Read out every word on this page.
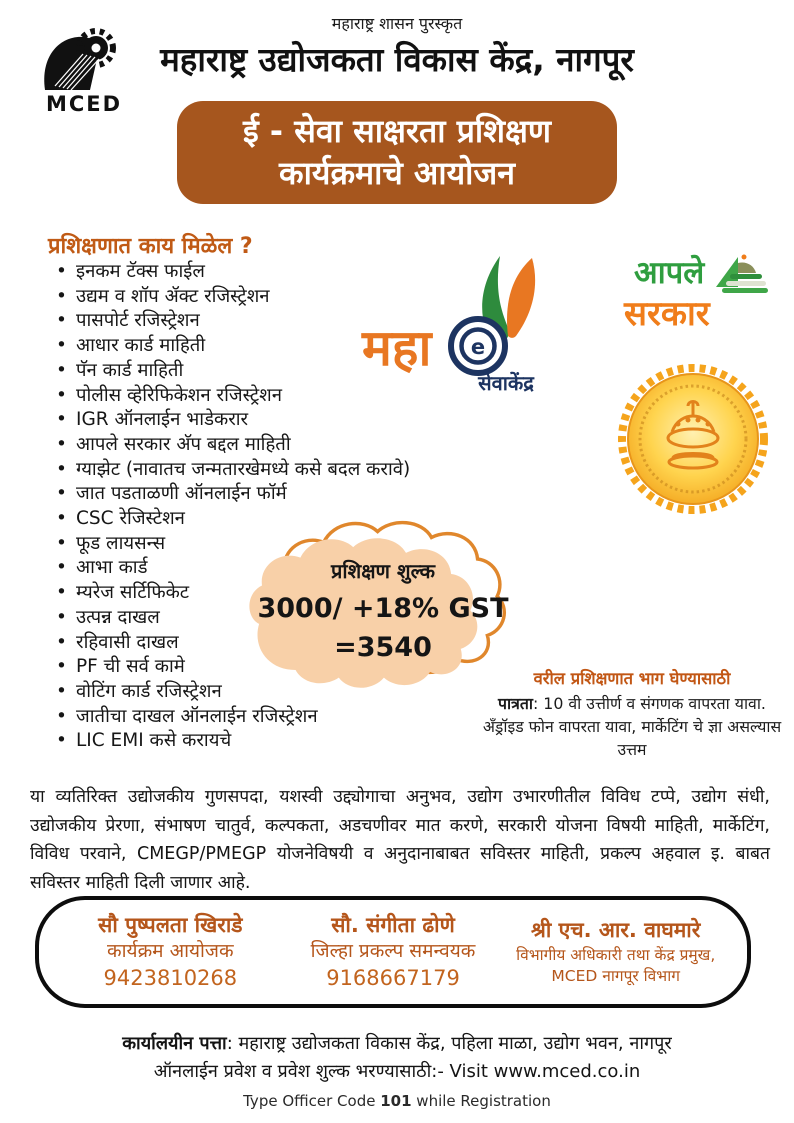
महाराष्ट्र शासन पुरस्कृत
महाराष्ट्र उद्योजकता विकास केंद्र, नागपूर
MCED
ई - सेवा साक्षरता प्रशिक्षण
कार्यक्रमाचे आयोजन
प्रशिक्षणात काय मिळेल ?
• इनकम टॅक्स फाईल
• उद्यम व शॉप ॲक्ट रजिस्ट्रेशन
• पासपोर्ट रजिस्ट्रेशन
• आधार कार्ड माहिती
• पॅन कार्ड माहिती
• पोलीस व्हेरिफिकेशन रजिस्ट्रेशन
• IGR ऑनलाईन भाडेकरार
• आपले सरकार अ‍ॅप बद्दल माहिती
• ग्याझेट (नावातच जन्मतारखेमध्ये कसे बदल करावे)
• जात पडताळणी ऑनलाईन फॉर्म
• CSC रेजिस्टेशन
• फूड लायसन्स
• आभा कार्ड
• म्यरेज सर्टिफिकेट
• उत्पन्न दाखल
• रहिवासी दाखल
• PF ची सर्व कामे
• वोटिंग कार्ड रजिस्ट्रेशन
• जातीचा दाखल ऑनलाईन रजिस्ट्रेशन
• LIC EMI कसे करायचे
e
महा
सेवाकेंद्र
आपले
सरकार
प्रशिक्षण शुल्क
3000/ +18% GST
=3540
वरील प्रशिक्षणात भाग घेण्यासाठी
पात्रता: 10 वी उत्तीर्ण व संगणक वापरता यावा. अँड्रॉइड फोन वापरता यावा, मार्केटिंग चे ज्ञा असल्यास उत्तम
या व्यतिरिक्त उद्योजकीय गुणसपदा, यशस्वी उद्द्योगाचा अनुभव, उद्योग उभारणीतील विविध टप्पे, उद्योग संधी, उद्योजकीय प्रेरणा, संभाषण चातुर्व, कल्पकता, अडचणीवर मात करणे, सरकारी योजना विषयी माहिती, मार्केटिंग, विविध परवाने, CMEGP/PMEGP योजनेविषयी व अनुदानाबाबत सविस्तर माहिती, प्रकल्प अहवाल इ. बाबत सविस्तर माहिती दिली जाणार आहे.
सौ पुष्पलता खिराडे
कार्यक्रम आयोजक
9423810268
सौ. संगीता ढोणे
जिल्हा प्रकल्प समन्वयक
9168667179
श्री एच. आर. वाघमारे
विभागीय अधिकारी तथा केंद्र प्रमुख,
MCED नागपूर विभाग
कार्यालयीन पत्ता: महाराष्ट्र उद्योजकता विकास केंद्र, पहिला माळा, उद्योग भवन, नागपूर
ऑनलाईन प्रवेश व प्रवेश शुल्क भरण्यासाठी:- Visit www.mced.co.in
Type Officer Code 101 while Registration
